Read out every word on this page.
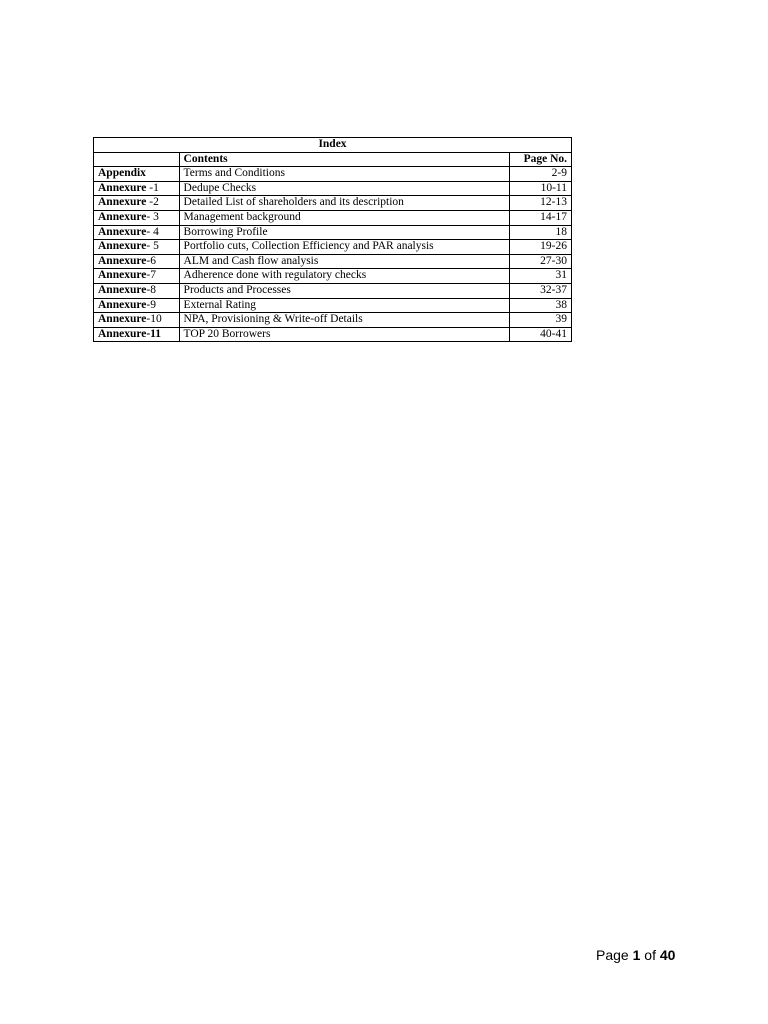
Index		
	Contents	Page No.
Appendix	Terms and Conditions	2-9
Annexure -1	Dedupe Checks	10-11
Annexure -2	Detailed List of shareholders and its description	12-13
Annexure- 3	Management background	14-17
Annexure- 4	Borrowing Profile	18
Annexure- 5	Portfolio cuts, Collection Efficiency and PAR analysis	19-26
Annexure-6	ALM and Cash flow analysis	27-30
Annexure-7	Adherence done with regulatory checks	31
Annexure-8	Products and Processes	32-37
Annexure-9	External Rating	38
Annexure-10	NPA, Provisioning & Write-off Details	39
Annexure-11	TOP 20 Borrowers	40-41
Page 1 of 40
